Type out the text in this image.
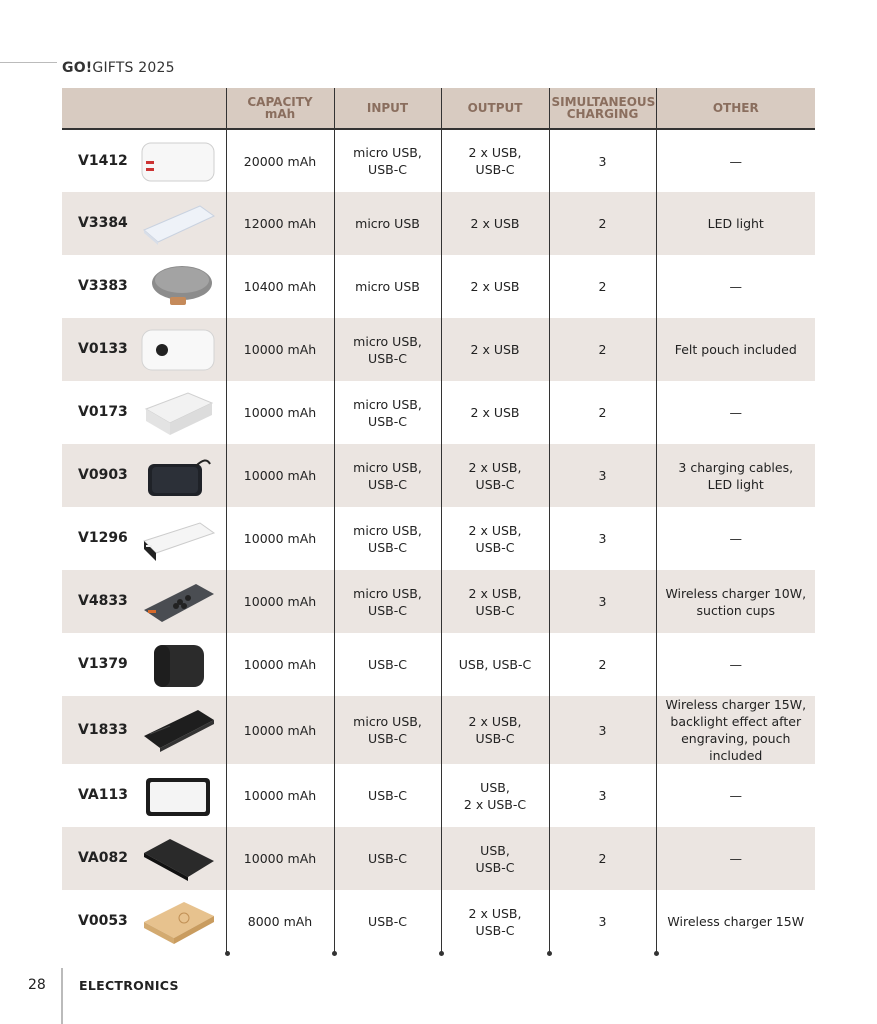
GO!GIFTS 2025
	CAPACITY
mAh	INPUT	OUTPUT	SIMULTANEOUS
CHARGING	OTHER

V1412	20000 mAh	micro USB,
USB-C	2 x USB,
USB-C	3	—

V3384	12000 mAh	micro USB	2 x USB	2	LED light

V3383	10400 mAh	micro USB	2 x USB	2	—

V0133	10000 mAh	micro USB,
USB-C	2 x USB	2	Felt pouch included

V0173	10000 mAh	micro USB,
USB-C	2 x USB	2	—

V0903	10000 mAh	micro USB,
USB-C	2 x USB,
USB-C	3	3 charging cables,
LED light

V1296	10000 mAh	micro USB,
USB-C	2 x USB,
USB-C	3	—

V4833	10000 mAh	micro USB,
USB-C	2 x USB,
USB-C	3	Wireless charger 10W,
suction cups

V1379	10000 mAh	USB-C	USB, USB-C	2	—

V1833	10000 mAh	micro USB,
USB-C	2 x USB,
USB-C	3	Wireless charger 15W,
backlight effect after
engraving, pouch included

VA113	10000 mAh	USB-C	USB,
2 x USB-C	3	—

VA082	10000 mAh	USB-C	USB,
USB-C	2	—

V0053	8000 mAh	USB-C	2 x USB,
USB-C	3	Wireless charger 15W
28	ELECTRONICS
